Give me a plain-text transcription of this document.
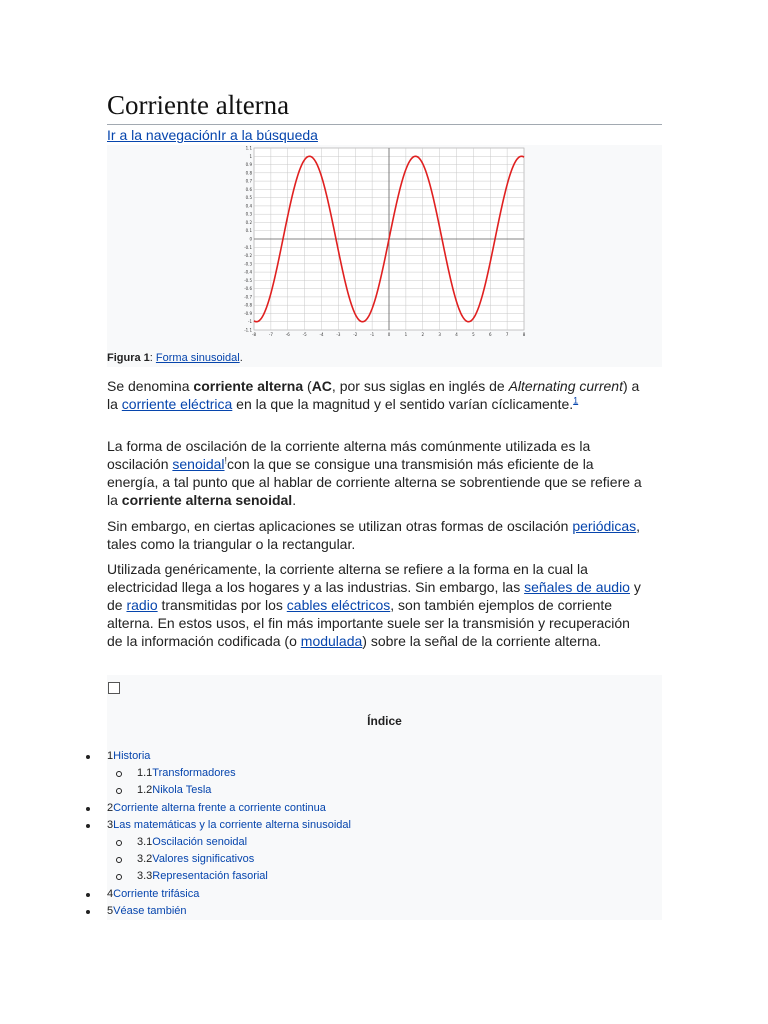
Corriente alterna
Ir a la navegaciónIr a la búsqueda
-1.1
-1
-0.9
-0.8
-0.7
-0.6
-0.5
-0.4
-0.3
-0.2
-0.1
0
0.1
0.2
0.3
0.4
0.5
0.6
0.7
0.8
0.9
1
1.1
-8	-7	-6	-5	-4	-3	-2	-1	0	1	2	3	4	5	6	7	8
Figura 1: Forma sinusoidal.

Se denomina corriente alterna (AC, por sus siglas en inglés de Alternating current) a la corriente eléctrica en la que la magnitud y el sentido varían cíclicamente.$^1$

La forma de oscilación de la corriente alterna más comúnmente utilizada es la oscilación senoidal!con la que se consigue una transmisión más eficiente de la energía, a tal punto que al hablar de corriente alterna se sobrentiende que se refiere a la corriente alterna senoidal.

Sin embargo, en ciertas aplicaciones se utilizan otras formas de oscilación periódicas, tales como la triangular o la rectangular.

Utilizada genéricamente, la corriente alterna se refiere a la forma en la cual la electricidad llega a los hogares y a las industrias. Sin embargo, las señales de audio y de radio transmitidas por los cables eléctricos, son también ejemplos de corriente alterna. En estos usos, el fin más importante suele ser la transmisión y recuperación de la información codificada (o modulada) sobre la señal de la corriente alterna.

Índice
1Historia
1.1Transformadores
1.2Nikola Tesla
2Corriente alterna frente a corriente continua
3Las matemáticas y la corriente alterna sinusoidal
3.1Oscilación senoidal
3.2Valores significativos
3.3Representación fasorial
4Corriente trifásica
5Véase también
